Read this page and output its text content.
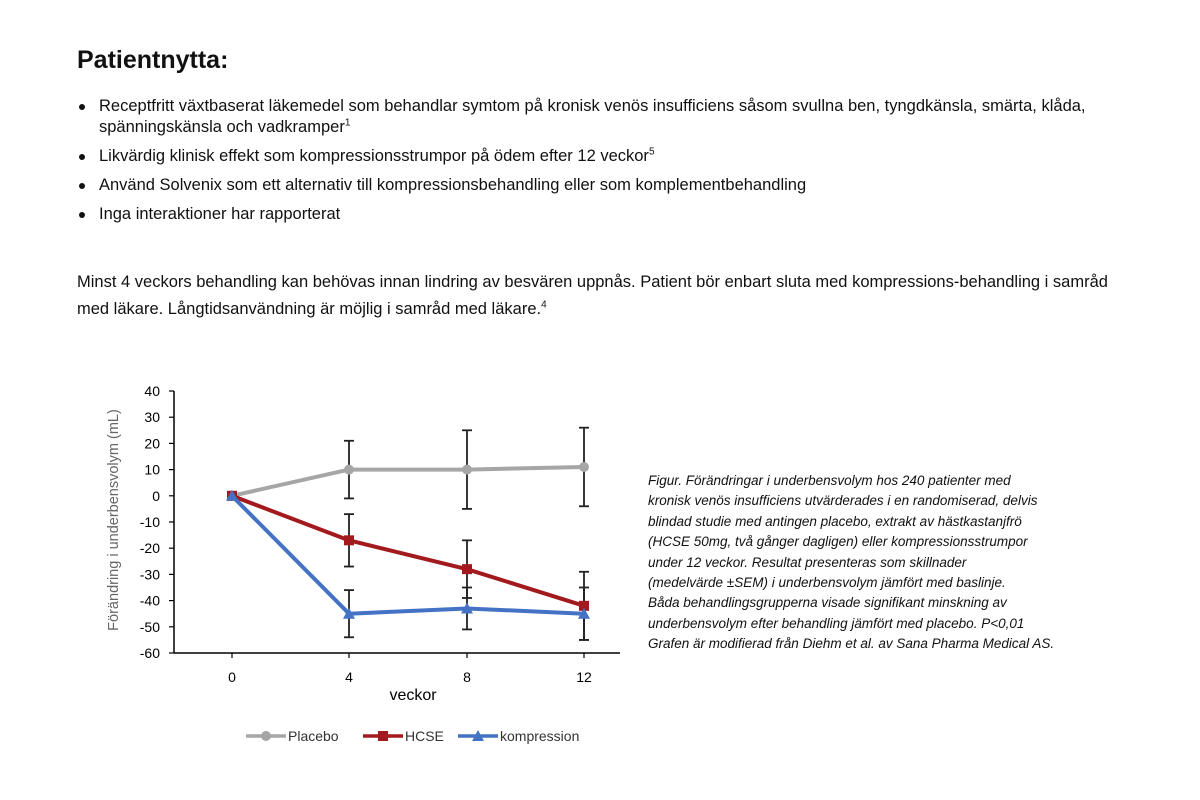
Patientnytta:
Receptfritt växtbaserat läkemedel som behandlar symtom på kronisk venös insufficiens såsom svullna ben, tyngdkänsla, smärta, klåda, spänningskänsla och vadkramper$^1$
Likvärdig klinisk effekt som kompressionsstrumpor på ödem efter 12 veckor$^5$
Använd Solvenix som ett alternativ till kompressionsbehandling eller som komplementbehandling
Inga interaktioner har rapporterat

Minst 4 veckors behandling kan behövas innan lindring av besvären uppnås. Patient bör enbart sluta med kompressions-behandling i samråd med läkare. Långtidsanvändning är möjlig i samråd med läkare.$^4$

40
30
20
10
0
-10
-20
-30
-40
-50
-60
0	4	8	12
veckor
Förändring i underbensvolym (mL)
Placebo	HCSE	kompression
Figur. Förändringar i underbensvolym hos 240 patienter med
kronisk venös insufficiens utvärderades i en randomiserad, delvis
blindad studie med antingen placebo, extrakt av hästkastanjfrö
(HCSE 50mg, två gånger dagligen) eller kompressionsstrumpor
under 12 veckor. Resultat presenteras som skillnader
(medelvärde ±SEM) i underbensvolym jämfört med baslinje.
Båda behandlingsgrupperna visade signifikant minskning av
underbensvolym efter behandling jämfört med placebo. P<0,01
Grafen är modifierad från Diehm et al. av Sana Pharma Medical AS.
